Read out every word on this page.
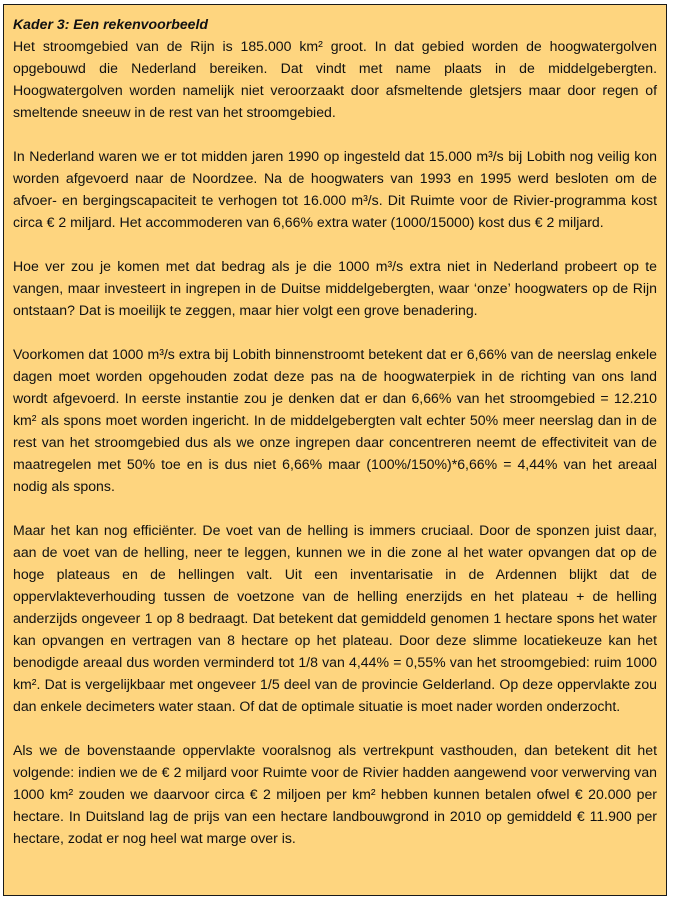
Kader 3: Een rekenvoorbeeld

Het stroomgebied van de Rijn is 185.000 km² groot. In dat gebied worden de hoogwatergolven opgebouwd die Nederland bereiken. Dat vindt met name plaats in de middelgebergten. Hoogwatergolven worden namelijk niet veroorzaakt door afsmeltende gletsjers maar door regen of smeltende sneeuw in de rest van het stroomgebied.

In Nederland waren we er tot midden jaren 1990 op ingesteld dat 15.000 m³/s bij Lobith nog veilig kon worden afgevoerd naar de Noordzee. Na de hoogwaters van 1993 en 1995 werd besloten om de afvoer- en bergingscapaciteit te verhogen tot 16.000 m³/s. Dit Ruimte voor de Rivier-programma kost circa € 2 miljard. Het accommoderen van 6,66% extra water (1000/15000) kost dus € 2 miljard.

Hoe ver zou je komen met dat bedrag als je die 1000 m³/s extra niet in Nederland probeert op te vangen, maar investeert in ingrepen in de Duitse middelgebergten, waar ‘onze’ hoogwaters op de Rijn ontstaan? Dat is moeilijk te zeggen, maar hier volgt een grove benadering.

Voorkomen dat 1000 m³/s extra bij Lobith binnenstroomt betekent dat er 6,66% van de neerslag enkele dagen moet worden opgehouden zodat deze pas na de hoogwaterpiek in de richting van ons land wordt afgevoerd. In eerste instantie zou je denken dat er dan 6,66% van het stroomgebied = 12.210 km² als spons moet worden ingericht. In de middelgebergten valt echter 50% meer neerslag dan in de rest van het stroomgebied dus als we onze ingrepen daar concentreren neemt de effectiviteit van de maatregelen met 50% toe en is dus niet 6,66% maar (100%/150%)*6,66% = 4,44% van het areaal nodig als spons.

Maar het kan nog efficiënter. De voet van de helling is immers cruciaal. Door de sponzen juist daar, aan de voet van de helling, neer te leggen, kunnen we in die zone al het water opvangen dat op de hoge plateaus en de hellingen valt. Uit een inventarisatie in de Ardennen blijkt dat de oppervlakteverhouding tussen de voetzone van de helling enerzijds en het plateau + de helling anderzijds ongeveer 1 op 8 bedraagt. Dat betekent dat gemiddeld genomen 1 hectare spons het water kan opvangen en vertragen van 8 hectare op het plateau. Door deze slimme locatiekeuze kan het benodigde areaal dus worden verminderd tot 1/8 van 4,44% = 0,55% van het stroomgebied: ruim 1000 km². Dat is vergelijkbaar met ongeveer 1/5 deel van de provincie Gelderland. Op deze oppervlakte zou dan enkele decimeters water staan. Of dat de optimale situatie is moet nader worden onderzocht.

Als we de bovenstaande oppervlakte vooralsnog als vertrekpunt vasthouden, dan betekent dit het volgende: indien we de € 2 miljard voor Ruimte voor de Rivier hadden aangewend voor verwerving van 1000 km² zouden we daarvoor circa € 2 miljoen per km² hebben kunnen betalen ofwel € 20.000 per hectare. In Duitsland lag de prijs van een hectare landbouwgrond in 2010 op gemiddeld € 11.900 per hectare, zodat er nog heel wat marge over is.
